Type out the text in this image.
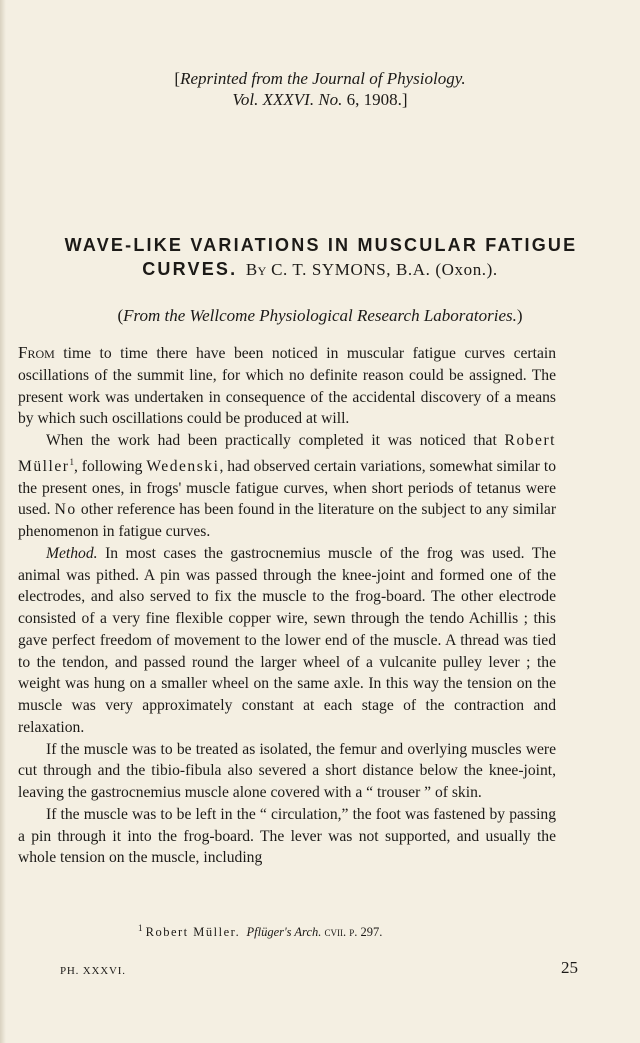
[Reprinted from the Journal of Physiology.
Vol. XXXVI. No. 6, 1908.]
WAVE-LIKE VARIATIONS IN MUSCULAR FATIGUE
CURVES. By C. T. SYMONS, B.A. (Oxon.).
(From the Wellcome Physiological Research Laboratories.)

From time to time there have been noticed in muscular fatigue curves certain oscillations of the summit line, for which no definite reason could be assigned. The present work was undertaken in consequence of the accidental discovery of a means by which such oscillations could be produced at will.

When the work had been practically completed it was noticed that Robert Müller$^1$, following Wedenski, had observed certain variations, somewhat similar to the present ones, in frogs' muscle fatigue curves, when short periods of tetanus were used. No other reference has been found in the literature on the subject to any similar phenomenon in fatigue curves.

Method. In most cases the gastrocnemius muscle of the frog was used. The animal was pithed. A pin was passed through the knee-joint and formed one of the electrodes, and also served to fix the muscle to the frog-board. The other electrode consisted of a very fine flexible copper wire, sewn through the tendo Achillis ; this gave perfect freedom of movement to the lower end of the muscle. A thread was tied to the tendon, and passed round the larger wheel of a vulcanite pulley lever ; the weight was hung on a smaller wheel on the same axle. In this way the tension on the muscle was very approximately constant at each stage of the contraction and relaxation.

If the muscle was to be treated as isolated, the femur and overlying muscles were cut through and the tibio-fibula also severed a short distance below the knee-joint, leaving the gastrocnemius muscle alone covered with a “ trouser ” of skin.

If the muscle was to be left in the “ circulation,” the foot was fastened by passing a pin through it into the frog-board. The lever was not supported, and usually the whole tension on the muscle, including

$^1$ Robert Müller. Pflüger's Arch. cvii. p. 297.
PH. XXXVI.	25
